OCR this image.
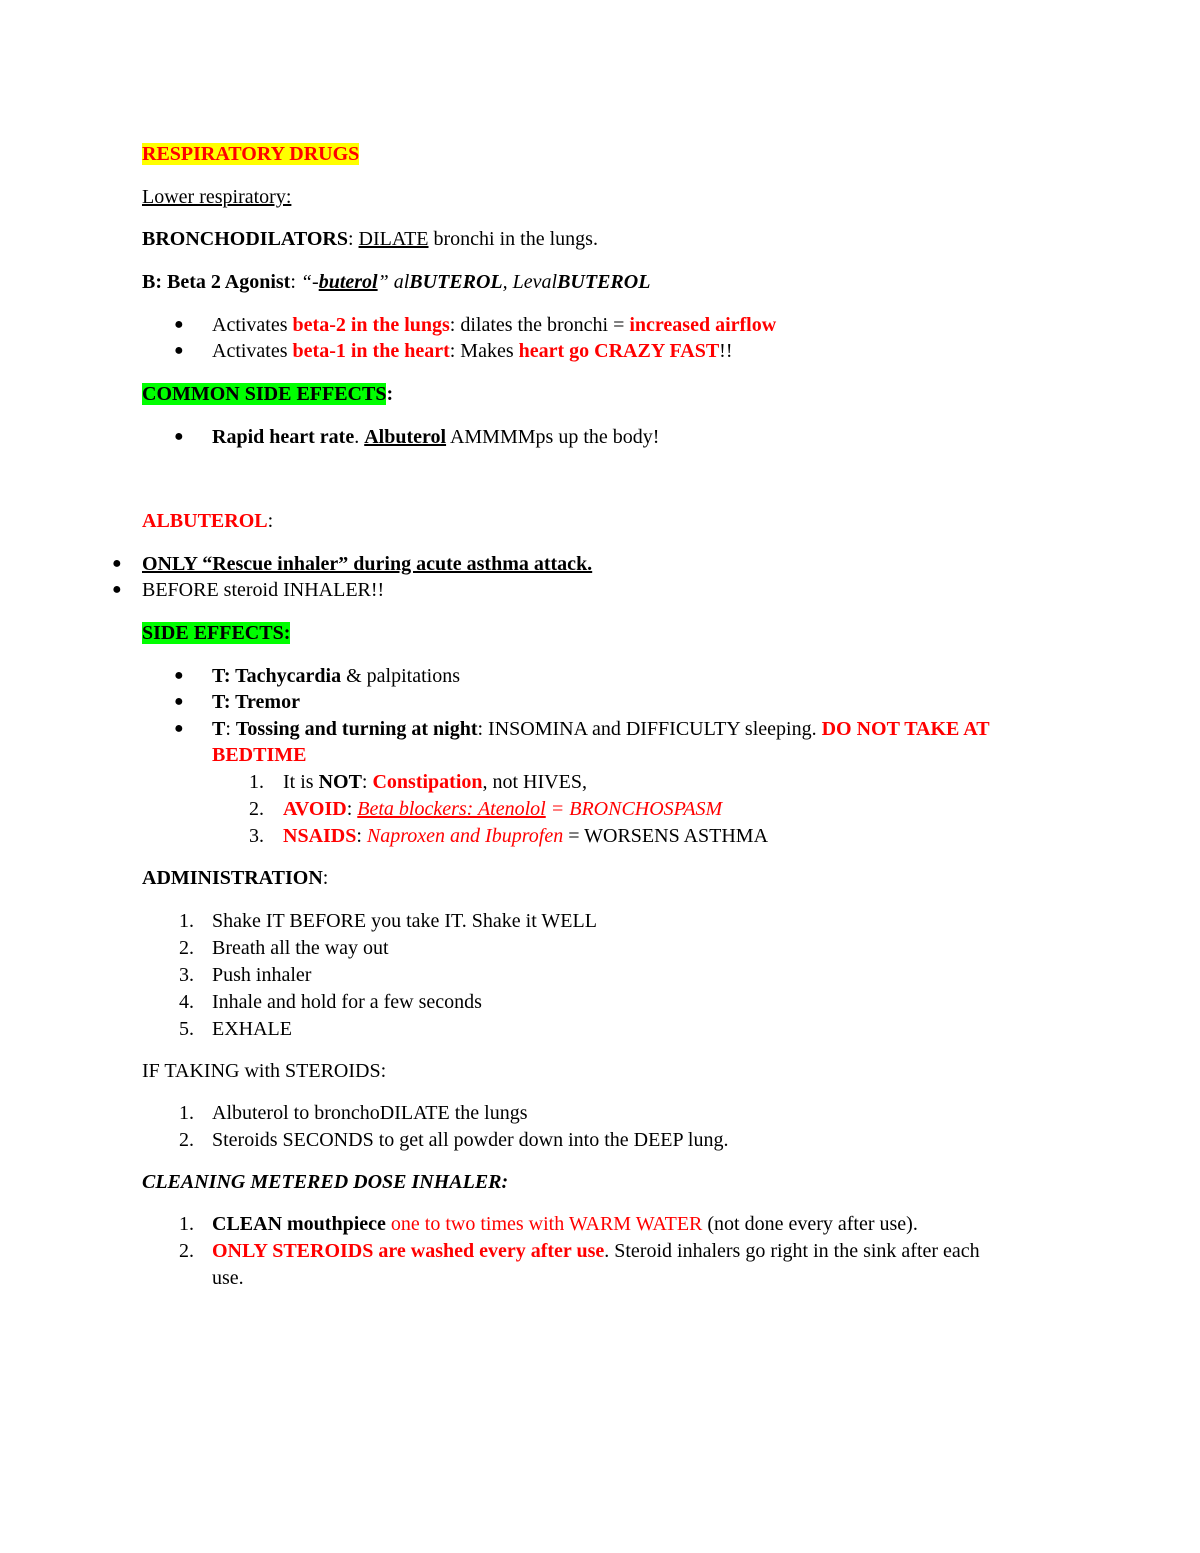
RESPIRATORY DRUGS
Lower respiratory:
BRONCHODILATORS: DILATE bronchi in the lungs.
B: Beta 2 Agonist: “-buterol” alBUTEROL, LevalBUTEROL
● Activates beta-2 in the lungs: dilates the bronchi = increased airflow
● Activates beta-1 in the heart: Makes heart go CRAZY FAST!!
COMMON SIDE EFFECTS:
● Rapid heart rate. Albuterol AMMMMps up the body!
ALBUTEROL:
● ONLY “Rescue inhaler” during acute asthma attack.
● BEFORE steroid INHALER!!
SIDE EFFECTS:
● T: Tachycardia & palpitations
● T: Tremor
● T: Tossing and turning at night: INSOMINA and DIFFICULTY sleeping. DO NOT TAKE AT
BEDTIME
1. It is NOT: Constipation, not HIVES,
2. AVOID: Beta blockers: Atenolol = BRONCHOSPASM
3. NSAIDS: Naproxen and Ibuprofen = WORSENS ASTHMA
ADMINISTRATION:
1. Shake IT BEFORE you take IT. Shake it WELL
2. Breath all the way out
3. Push inhaler
4. Inhale and hold for a few seconds
5. EXHALE
IF TAKING with STEROIDS:
1. Albuterol to bronchoDILATE the lungs
2. Steroids SECONDS to get all powder down into the DEEP lung.
CLEANING METERED DOSE INHALER:
1. CLEAN mouthpiece one to two times with WARM WATER (not done every after use).
2. ONLY STEROIDS are washed every after use. Steroid inhalers go right in the sink after each
use.
